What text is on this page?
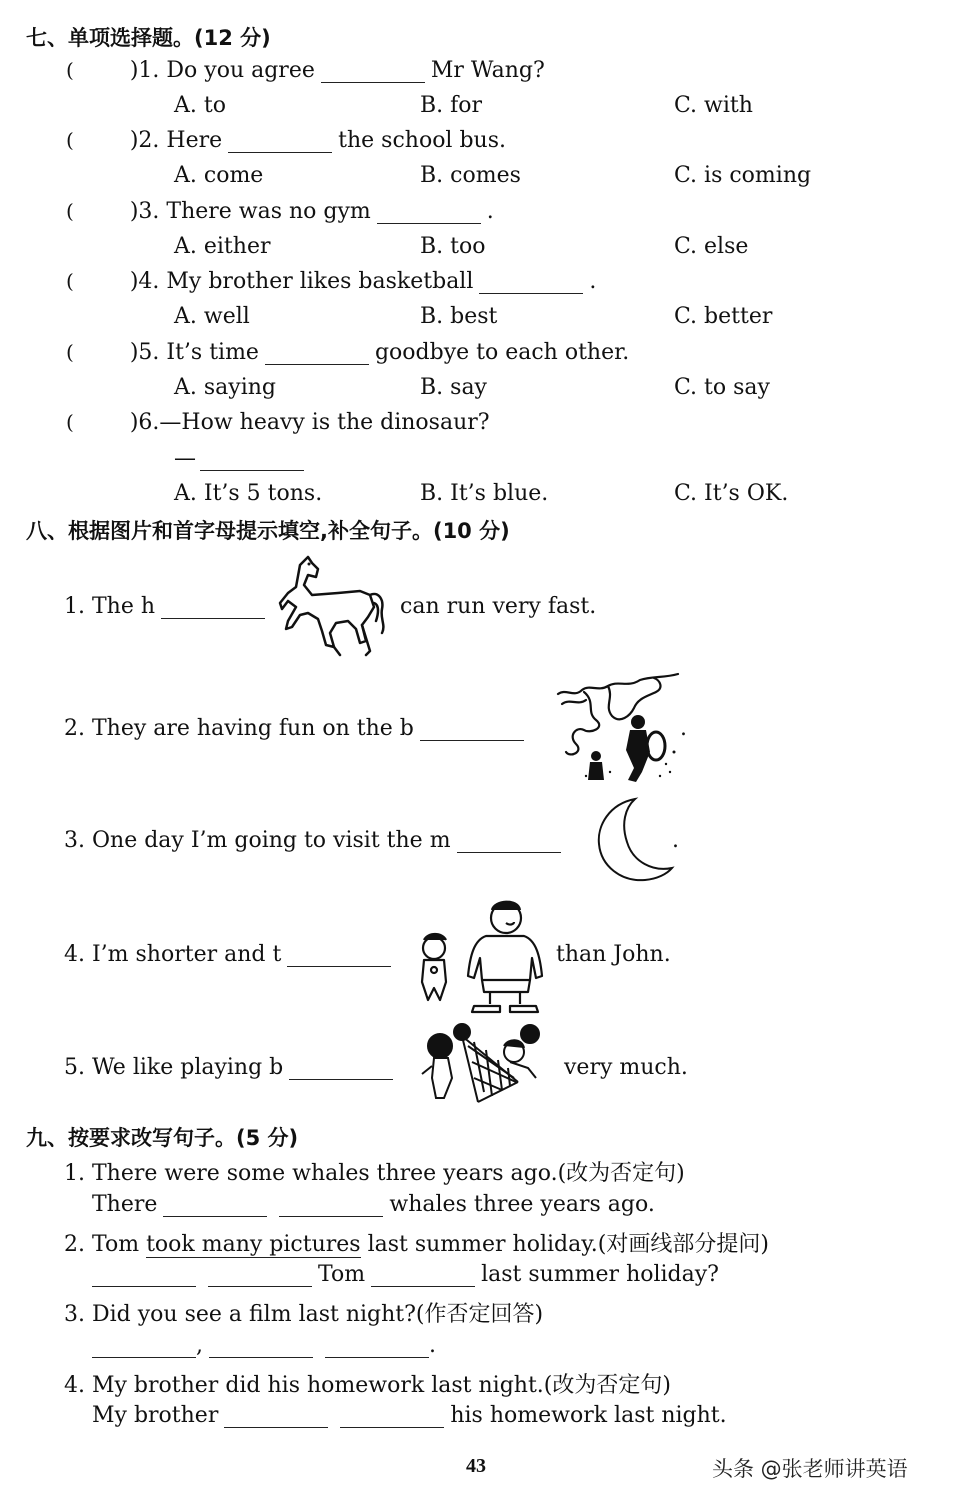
七、单项选择题。(12 分)
(	)1. Do you agree	Mr Wang?
A. to	B. for	C. with
(	)2. Here	the school bus.
A. come	B. comes	C. is coming
(	)3. There was no gym	.
A. either	B. too	C. else
(	)4. My brother likes basketball	.
A. well	B. best	C. better
(	)5. It’s time	goodbye to each other.
A. saying	B. say	C. to say
(	)6.—How heavy is the dinosaur?
—
A. It’s 5 tons.	B. It’s blue.	C. It’s OK.
八、根据图片和首字母提示填空,补全句子。(10 分)
1. The h	can run very fast.
2. They are having fun on the b	.
3. One day I’m going to visit the m	.
4. I’m shorter and t	than John.
5. We like playing b	very much.
九、按要求改写句子。(5 分)
1. There were some whales three years ago.(改为否定句)
There	whales three years ago.
2. Tom took many pictures last summer holiday.(对画线部分提问)
Tom	last summer holiday?
3. Did you see a film last night?(作否定回答)
,	.
4. My brother did his homework last night.(改为否定句)
My brother	his homework last night.
43	头条 @张老师讲英语
